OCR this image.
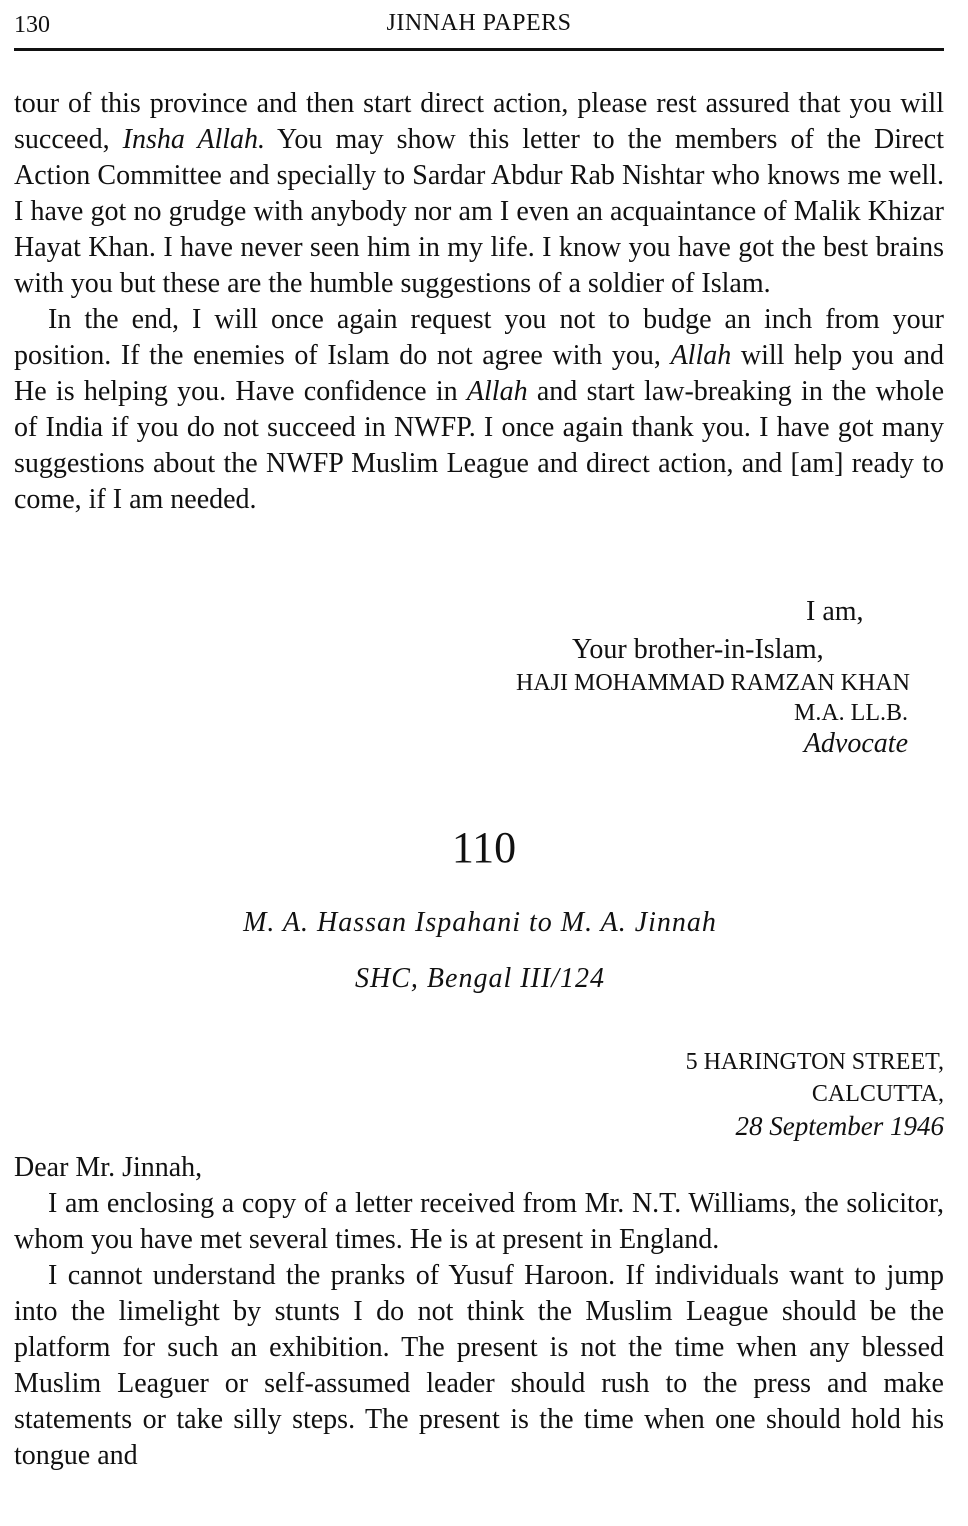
130	JINNAH PAPERS

tour of this province and then start direct action, please rest assured that you will succeed, Insha Allah. You may show this letter to the members of the Direct Action Committee and specially to Sardar Abdur Rab Nishtar who knows me well. I have got no grudge with anybody nor am I even an acquaintance of Malik Khizar Hayat Khan. I have never seen him in my life. I know you have got the best brains with you but these are the humble suggestions of a soldier of Islam.

In the end, I will once again request you not to budge an inch from your position. If the enemies of Islam do not agree with you, Allah will help you and He is helping you. Have confidence in Allah and start law-breaking in the whole of India if you do not succeed in NWFP. I once again thank you. I have got many suggestions about the NWFP Muslim League and direct action, and [am] ready to come, if I am needed.

I am,
Your brother-in-Islam,
HAJI MOHAMMAD RAMZAN KHAN
M.A. LL.B.
Advocate
110
M. A. Hassan Ispahani to M. A. Jinnah
SHC, Bengal III/124
5 HARINGTON STREET,
CALCUTTA,
28 September 1946

Dear Mr. Jinnah,

I am enclosing a copy of a letter received from Mr. N.T. Williams, the solicitor, whom you have met several times. He is at present in England.

I cannot understand the pranks of Yusuf Haroon. If individuals want to jump into the limelight by stunts I do not think the Muslim League should be the platform for such an exhibition. The present is not the time when any blessed Muslim Leaguer or self-assumed leader should rush to the press and make statements or take silly steps. The present is the time when one should hold his tongue and
